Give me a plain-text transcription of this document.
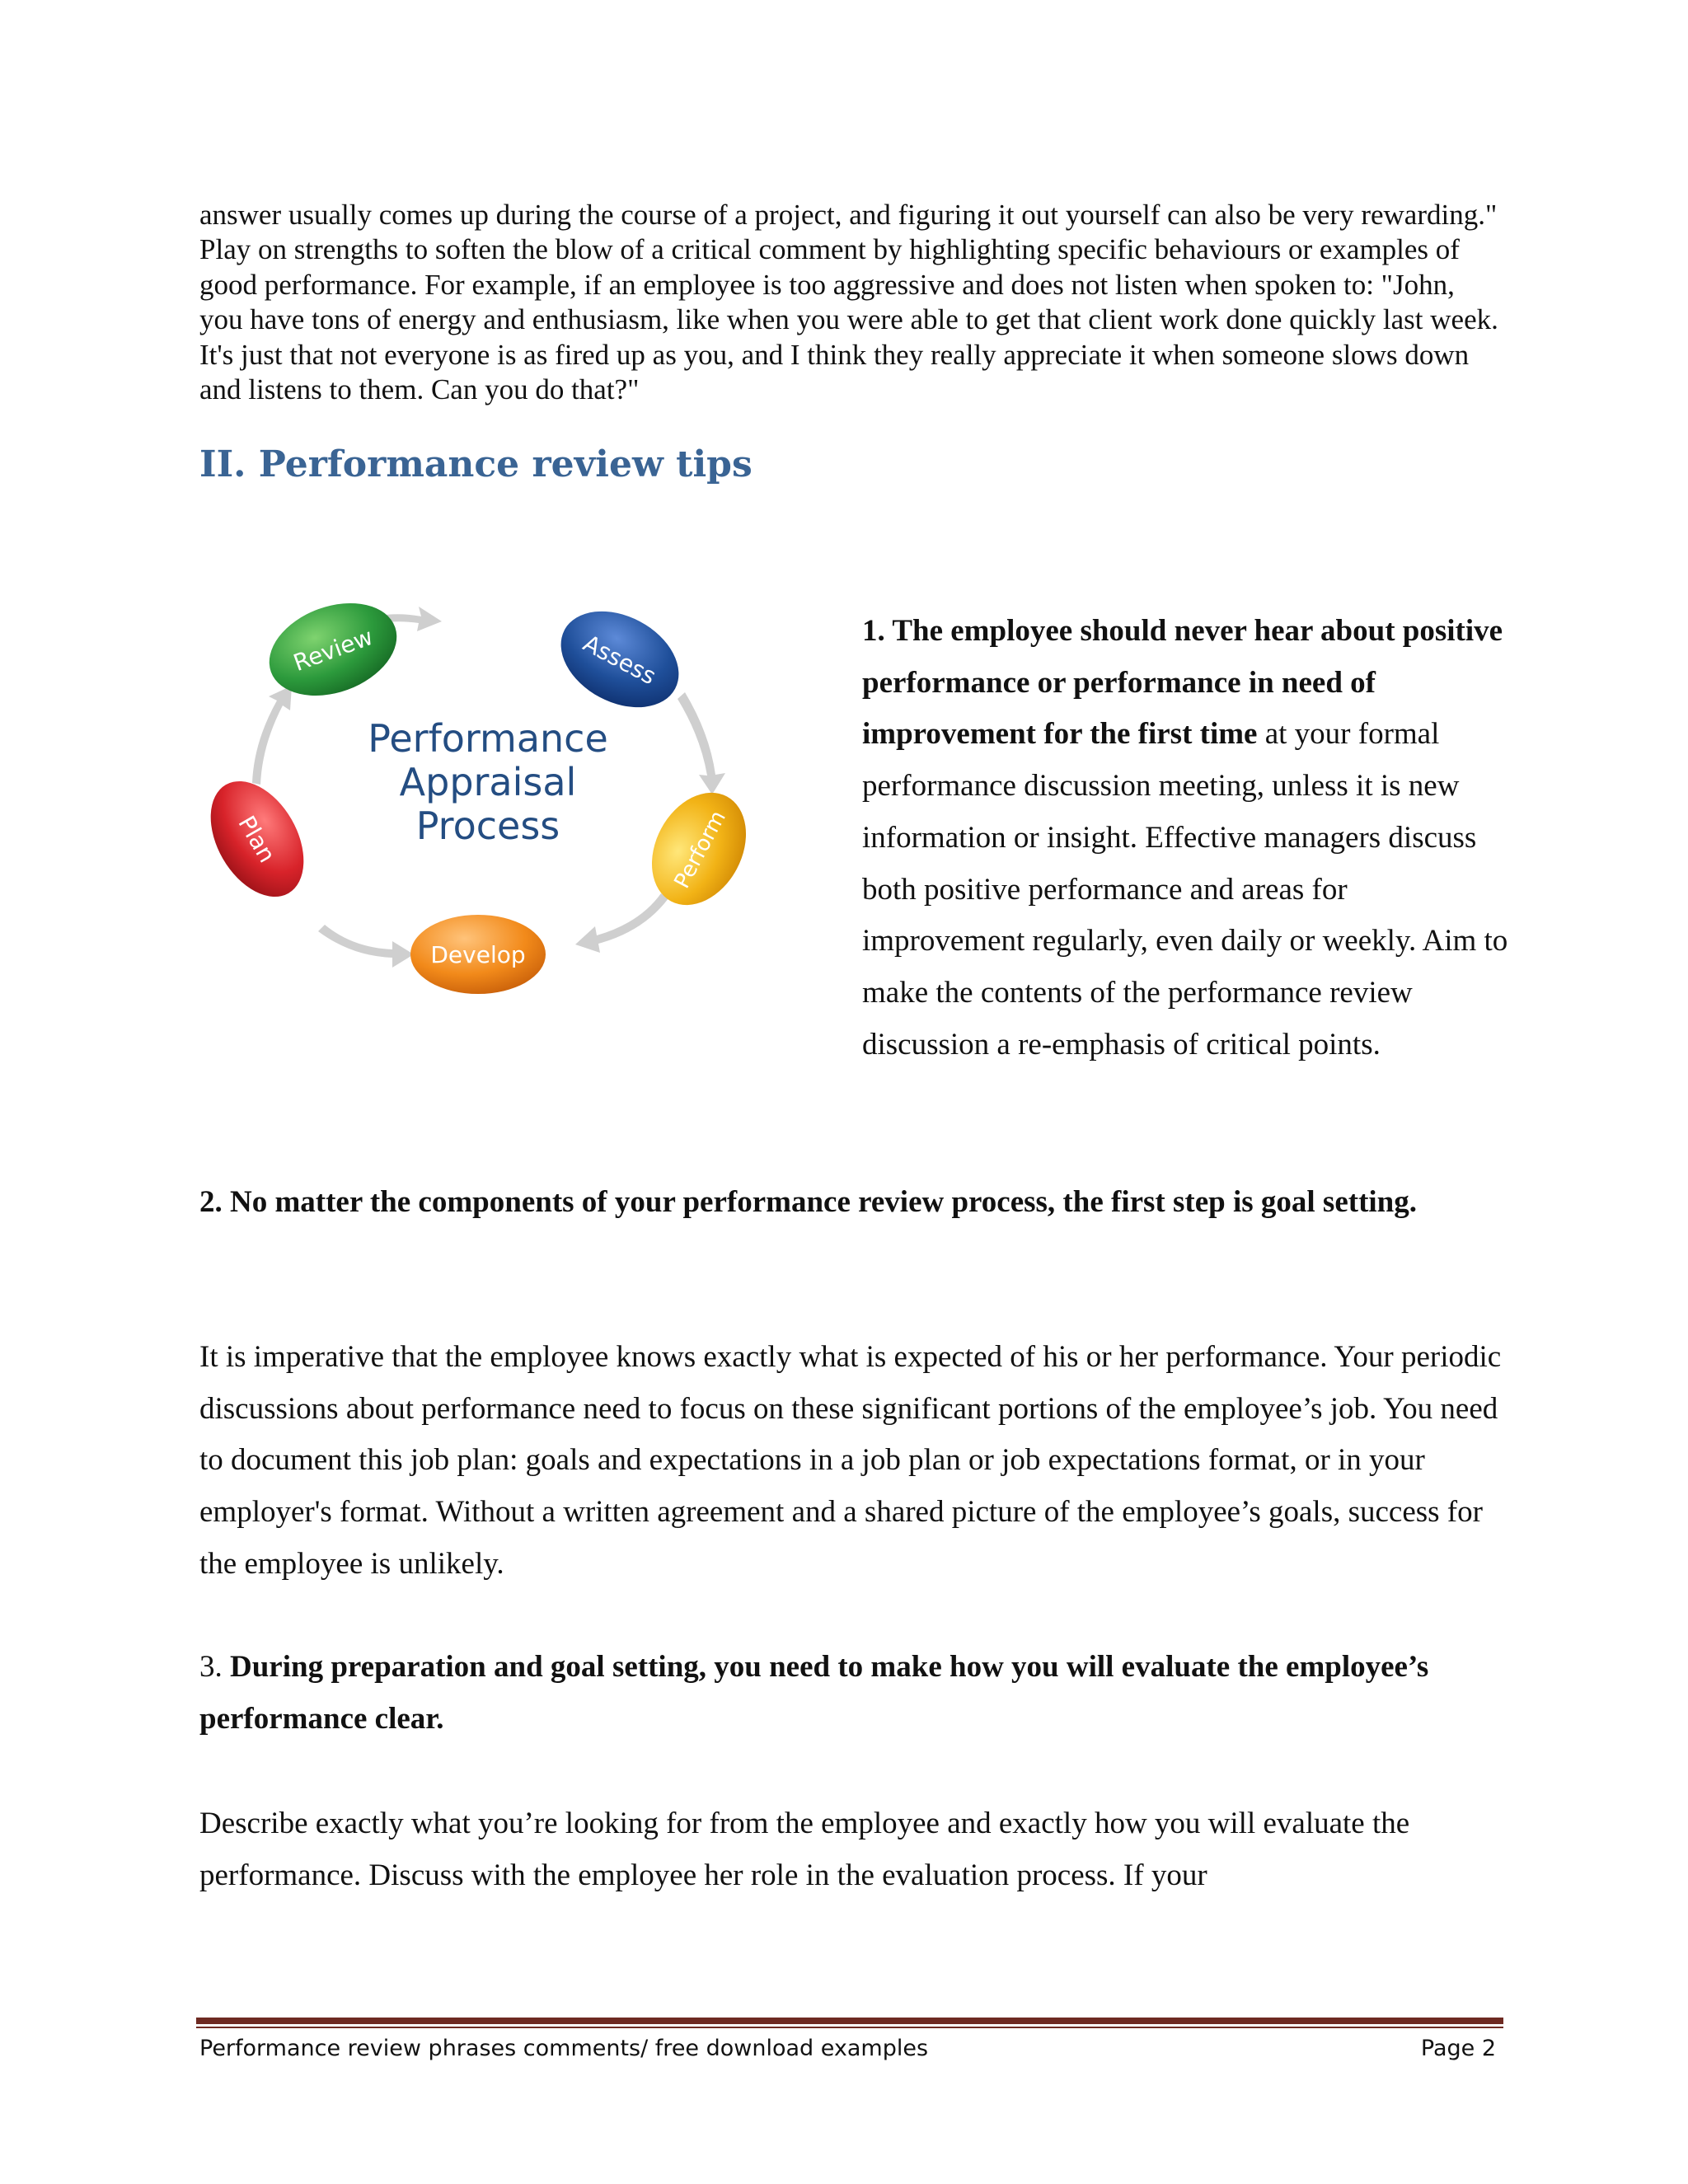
answer usually comes up during the course of a project, and figuring it out yourself can also be very rewarding." Play on strengths to soften the blow of a critical comment by highlighting specific behaviours or examples of good performance. For example, if an employee is too aggressive and does not listen when spoken to: "John, you have tons of energy and enthusiasm, like when you were able to get that client work done quickly last week. It's just that not everyone is as fired up as you, and I think they really appreciate it when someone slows down and listens to them. Can you do that?"

II. Performance review tips
Performance
Appraisal
Process
Review	Assess
Perform
Develop
Plan

1. The employee should never hear about positive performance or performance in need of improvement for the first time at your formal performance discussion meeting, unless it is new information or insight. Effective managers discuss both positive performance and areas for improvement regularly, even daily or weekly. Aim to make the contents of the performance review discussion a re-emphasis of critical points.

2. No matter the components of your performance review process, the first step is goal setting.

It is imperative that the employee knows exactly what is expected of his or her performance. Your periodic discussions about performance need to focus on these significant portions of the employee’s job. You need to document this job plan: goals and expectations in a job plan or job expectations format, or in your employer's format. Without a written agreement and a shared picture of the employee’s goals, success for the employee is unlikely.

3. During preparation and goal setting, you need to make how you will evaluate the employee’s performance clear.

Describe exactly what you’re looking for from the employee and exactly how you will evaluate the performance. Discuss with the employee her role in the evaluation process. If your

Performance review phrases comments/ free download examples	Page 2
